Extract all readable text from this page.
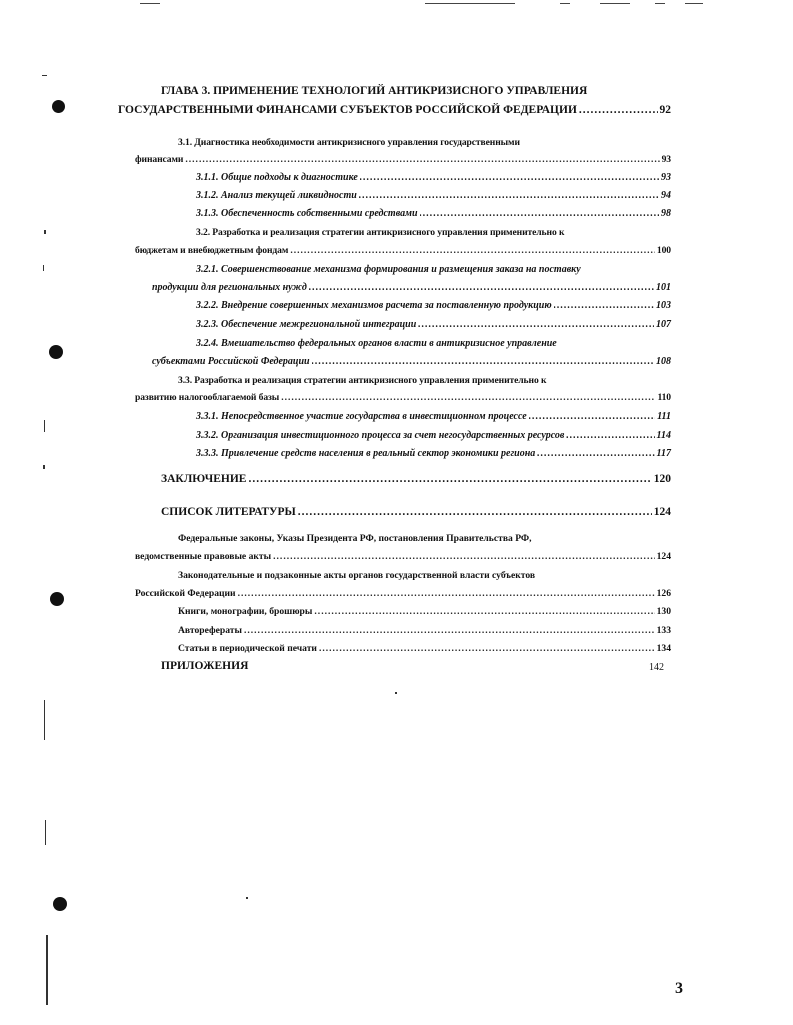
ГЛАВА 3. ПРИМЕНЕНИЕ ТЕХНОЛОГИЙ АНТИКРИЗИСНОГО УПРАВЛЕНИЯ
ГОСУДАРСТВЕННЫМИ ФИНАНСАМИ СУБЪЕКТОВ РОССИЙСКОЙ ФЕДЕРАЦИИ .....	92
3.1. Диагностика необходимости антикризисного управления государственными
финансами .....	93
3.1.1. Общие подходы к диагностике .....	93
3.1.2. Анализ текущей ликвидности .....	94
3.1.3. Обеспеченность собственными средствами .....	98
3.2. Разработка и реализация стратегии антикризисного управления применительно к
бюджетам и внебюджетным фондам .....	100
3.2.1. Совершенствование механизма формирования и размещения заказа на поставку
продукции для региональных нужд .....	101
3.2.2. Внедрение совершенных механизмов расчета за поставленную продукцию .....	103
3.2.3. Обеспечение межрегиональной интеграции .....	107
3.2.4. Вмешательство федеральных органов власти в антикризисное управление
субъектами Российской Федерации .....	108
3.3. Разработка и реализация стратегии антикризисного управления применительно к
развитию налогооблагаемой базы .....	110
3.3.1. Непосредственное участие государства в инвестиционном процессе .....	111
3.3.2. Организация инвестиционного процесса за счет негосударственных ресурсов .....	114
3.3.3. Привлечение средств населения в реальный сектор экономики региона .....	117
ЗАКЛЮЧЕНИЕ .....	120
СПИСОК ЛИТЕРАТУРЫ .....	124
Федеральные законы, Указы Президента РФ, постановления Правительства РФ,
ведомственные правовые акты .....	124
Законодательные и подзаконные акты органов государственной власти субъектов
Российской Федерации .....	126
Книги, монографии, брошюры .....	130
Авторефераты .....	133
Статьи в периодической печати .....	134
ПРИЛОЖЕНИЯ	142
3
